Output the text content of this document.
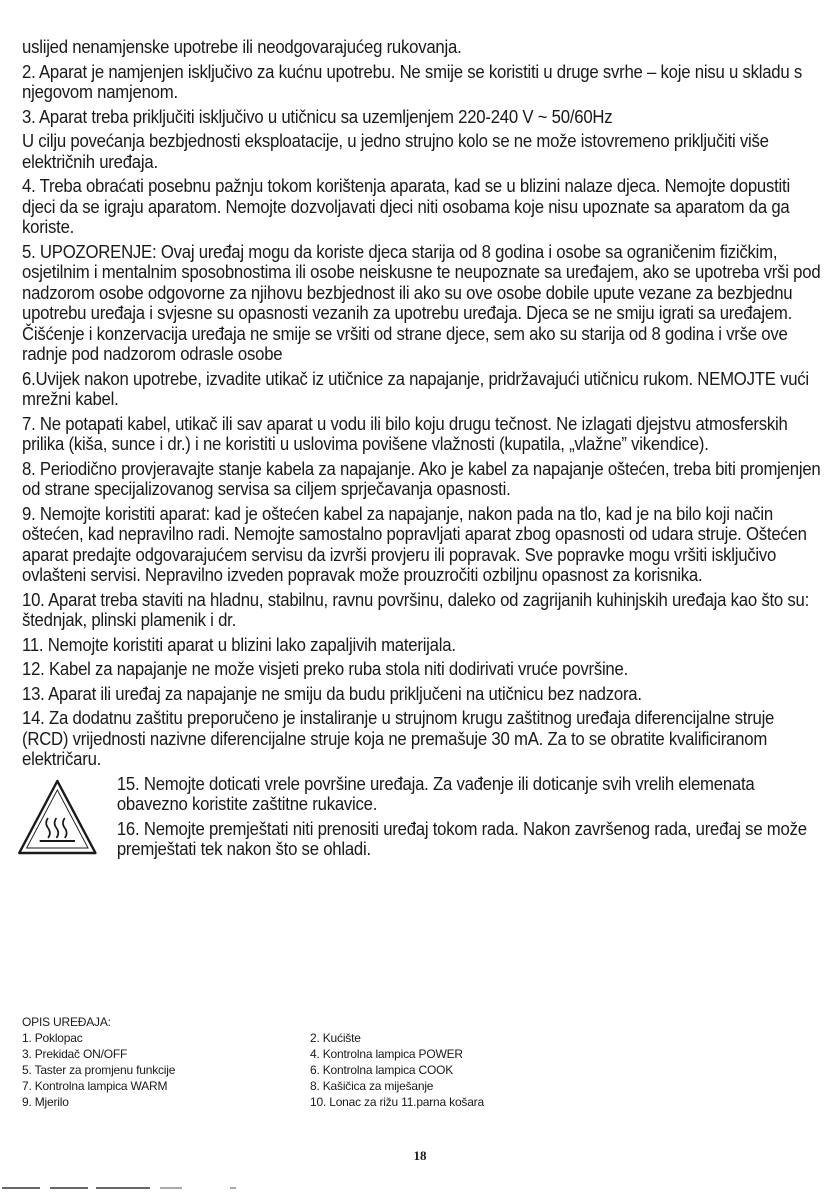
uslijed nenamjenske upotrebe ili neodgovarajućeg rukovanja.

2. Aparat je namjenjen isključivo za kućnu upotrebu. Ne smije se koristiti u druge svrhe – koje nisu u skladu s njegovom namjenom.

3. Aparat treba priključiti isključivo u utičnicu sa uzemljenjem 220-240 V ~ 50/60Hz

U cilju povećanja bezbjednosti eksploatacije, u jedno strujno kolo se ne može istovremeno priključiti više električnih uređaja.

4. Treba obraćati posebnu pažnju tokom korištenja aparata, kad se u blizini nalaze djeca. Nemojte dopustiti djeci da se igraju aparatom. Nemojte dozvoljavati djeci niti osobama koje nisu upoznate sa aparatom da ga koriste.

5. UPOZORENJE: Ovaj uređaj mogu da koriste djeca starija od 8 godina i osobe sa ograničenim fizičkim, osjetilnim i mentalnim sposobnostima ili osobe neiskusne te neupoznate sa uređajem, ako se upotreba vrši pod nadzorom osobe odgovorne za njihovu bezbjednost ili ako su ove osobe dobile upute vezane za bezbjednu upotrebu uređaja i svjesne su opasnosti vezanih za upotrebu uređaja. Djeca se ne smiju igrati sa uređajem. Čišćenje i konzervacija uređaja ne smije se vršiti od strane djece, sem ako su starija od 8 godina i vrše ove radnje pod nadzorom odrasle osobe

6.Uvijek nakon upotrebe, izvadite utikač iz utičnice za napajanje, pridržavajući utičnicu rukom. NEMOJTE vući mrežni kabel.

7. Ne potapati kabel, utikač ili sav aparat u vodu ili bilo koju drugu tečnost. Ne izlagati djejstvu atmosferskih prilika (kiša, sunce i dr.) i ne koristiti u uslovima povišene vlažnosti (kupatila, „vlažne” vikendice).

8. Periodično provjeravajte stanje kabela za napajanje. Ako je kabel za napajanje oštećen, treba biti promjenjen od strane specijalizovanog servisa sa ciljem sprječavanja opasnosti.

9. Nemojte koristiti aparat: kad je oštećen kabel za napajanje, nakon pada na tlo, kad je na bilo koji način oštećen, kad nepravilno radi. Nemojte samostalno popravljati aparat zbog opasnosti od udara struje. Oštećen aparat predajte odgovarajućem servisu da izvrši provjeru ili popravak. Sve popravke mogu vršiti isključivo ovlašteni servisi. Nepravilno izveden popravak može prouzročiti ozbiljnu opasnost za korisnika.

10. Aparat treba staviti na hladnu, stabilnu, ravnu površinu, daleko od zagrijanih kuhinjskih uređaja kao što su: štednjak, plinski plamenik i dr.

11. Nemojte koristiti aparat u blizini lako zapaljivih materijala.

12. Kabel za napajanje ne može visjeti preko ruba stola niti dodirivati vruće površine.

13. Aparat ili uređaj za napajanje ne smiju da budu priključeni na utičnicu bez nadzora.

14. Za dodatnu zaštitu preporučeno je instaliranje u strujnom krugu zaštitnog uređaja diferencijalne struje (RCD) vrijednosti nazivne diferencijalne struje koja ne premašuje 30 mA. Za to se obratite kvalificiranom električaru.

15. Nemojte doticati vrele površine uređaja. Za vađenje ili doticanje svih vrelih elemenata obavezno koristite zaštitne rukavice.

16. Nemojte premještati niti prenositi uređaj tokom rada. Nakon završenog rada, uređaj se može premještati tek nakon što se ohladi.

OPIS UREĐAJA:
1. Poklopac	2. Kućište
3. Prekidač ON/OFF	4. Kontrolna lampica POWER
5. Taster za promjenu funkcije	6. Kontrolna lampica COOK
7. Kontrolna lampica WARM	8. Kašičica za miješanje
9. Mjerilo	10. Lonac za rižu 11.parna košara
18
